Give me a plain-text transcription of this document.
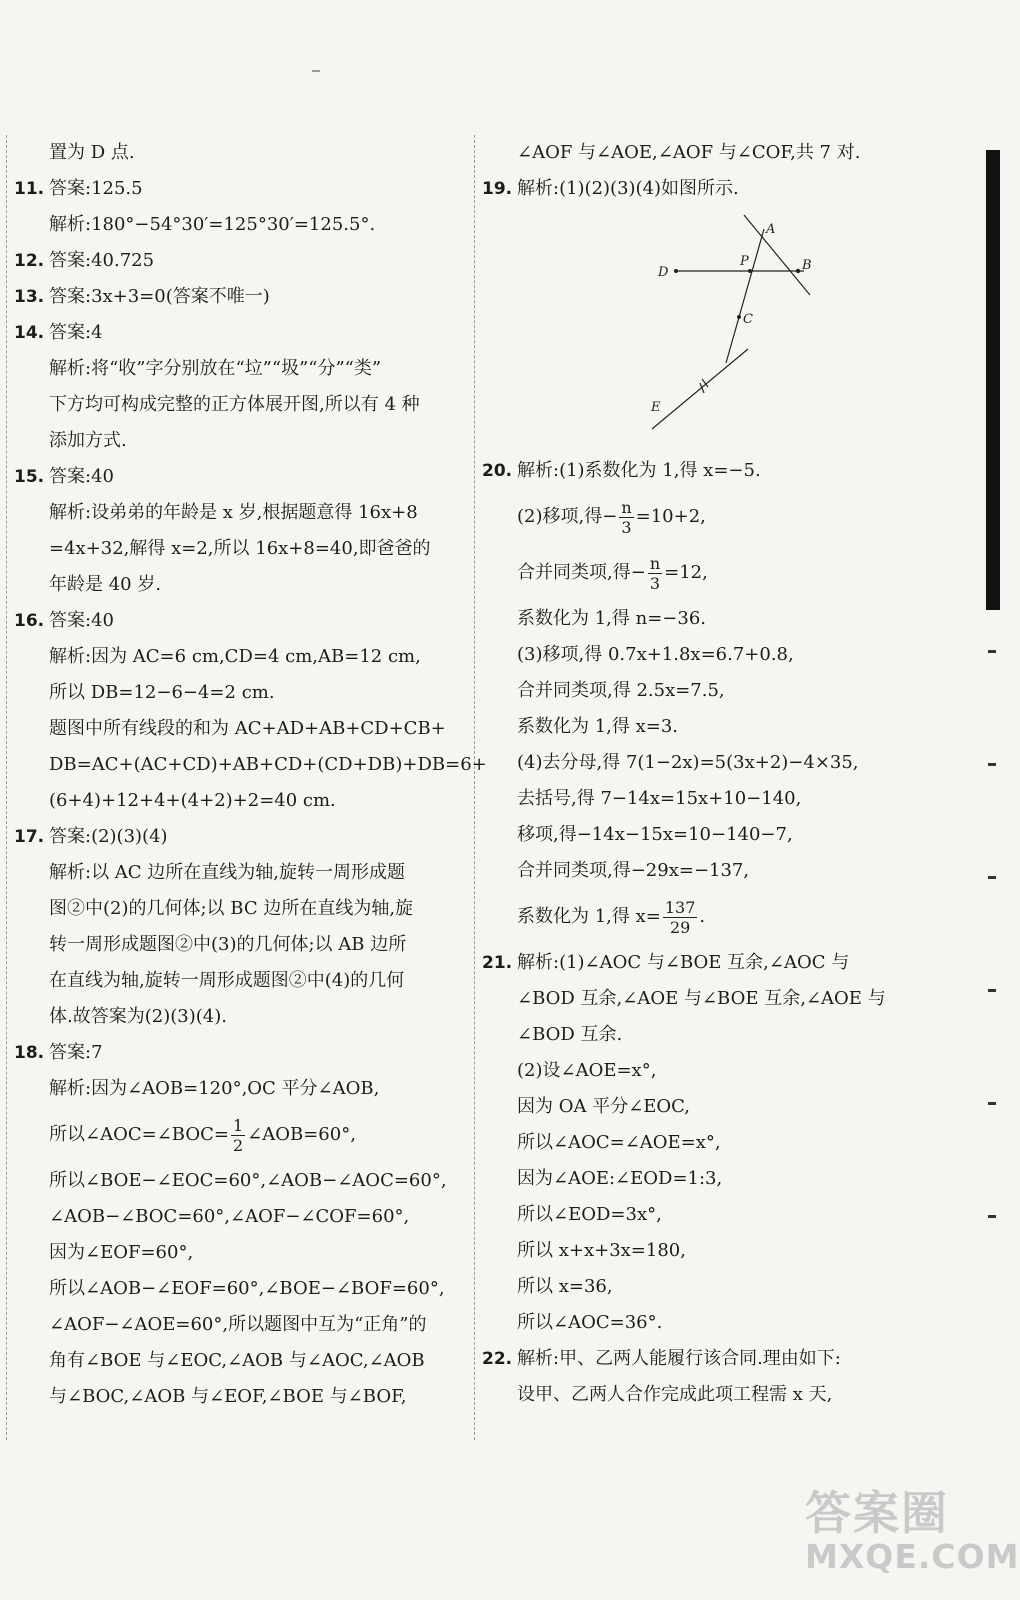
置为 D 点.
11. 答案:125.5
解析:180°−54°30′=125°30′=125.5°.
12. 答案:40.725
13. 答案:3x+3=0(答案不唯一)
14. 答案:4
解析:将“收”字分别放在“垃”“圾”“分”“类”
下方均可构成完整的正方体展开图,所以有 4 种
添加方式.
15. 答案:40
解析:设弟弟的年龄是 x 岁,根据题意得 16x+8
=4x+32,解得 x=2,所以 16x+8=40,即爸爸的
年龄是 40 岁.
16. 答案:40
解析:因为 AC=6 cm,CD=4 cm,AB=12 cm,
所以 DB=12−6−4=2 cm.
题图中所有线段的和为 AC+AD+AB+CD+CB+
DB=AC+(AC+CD)+AB+CD+(CD+DB)+DB=6+
(6+4)+12+4+(4+2)+2=40 cm.
17. 答案:(2)(3)(4)
解析:以 AC 边所在直线为轴,旋转一周形成题
图②中(2)的几何体;以 BC 边所在直线为轴,旋
转一周形成题图②中(3)的几何体;以 AB 边所
在直线为轴,旋转一周形成题图②中(4)的几何
体.故答案为(2)(3)(4).
18. 答案:7
解析:因为∠AOB=120°,OC 平分∠AOB,
所以∠AOC=∠BOC= $\frac{1}{2}$ ∠AOB=60°,
所以∠BOE−∠EOC=60°,∠AOB−∠AOC=60°,
∠AOB−∠BOC=60°,∠AOF−∠COF=60°,
因为∠EOF=60°,
所以∠AOB−∠EOF=60°,∠BOE−∠BOF=60°,
∠AOF−∠AOE=60°,所以题图中互为“正角”的
角有∠BOE 与∠EOC,∠AOB 与∠AOC,∠AOB
与∠BOC,∠AOB 与∠EOF,∠BOE 与∠BOF,
∠AOF 与∠AOE,∠AOF 与∠COF,共 7 对.
19. 解析:(1)(2)(3)(4)如图所示.
A
B
C
D
E
P
20. 解析:(1)系数化为 1,得 x=−5.
(2)移项,得− $\frac{n}{3} =10+2$,
合并同类项,得− $\frac{n}{3} =12$,
系数化为 1,得 n=−36.
(3)移项,得 0.7x+1.8x=6.7+0.8,
合并同类项,得 2.5x=7.5,
系数化为 1,得 x=3.
(4)去分母,得 7(1−2x)=5(3x+2)−4×35,
去括号,得 7−14x=15x+10−140,
移项,得−14x−15x=10−140−7,
合并同类项,得−29x=−137,
系数化为 1,得 $x= \frac{137}{29}$ .
21. 解析:(1)∠AOC 与∠BOE 互余,∠AOC 与
∠BOD 互余,∠AOE 与∠BOE 互余,∠AOE 与
∠BOD 互余.
(2)设∠AOE=x°,
因为 OA 平分∠EOC,
所以∠AOC=∠AOE=x°,
因为∠AOE:∠EOD=1:3,
所以∠EOD=3x°,
所以 x+x+3x=180,
所以 x=36,
所以∠AOC=36°.
22. 解析:甲、乙两人能履行该合同.理由如下:
设甲、乙两人合作完成此项工程需 x 天,
答案圈
MXQE.COM
